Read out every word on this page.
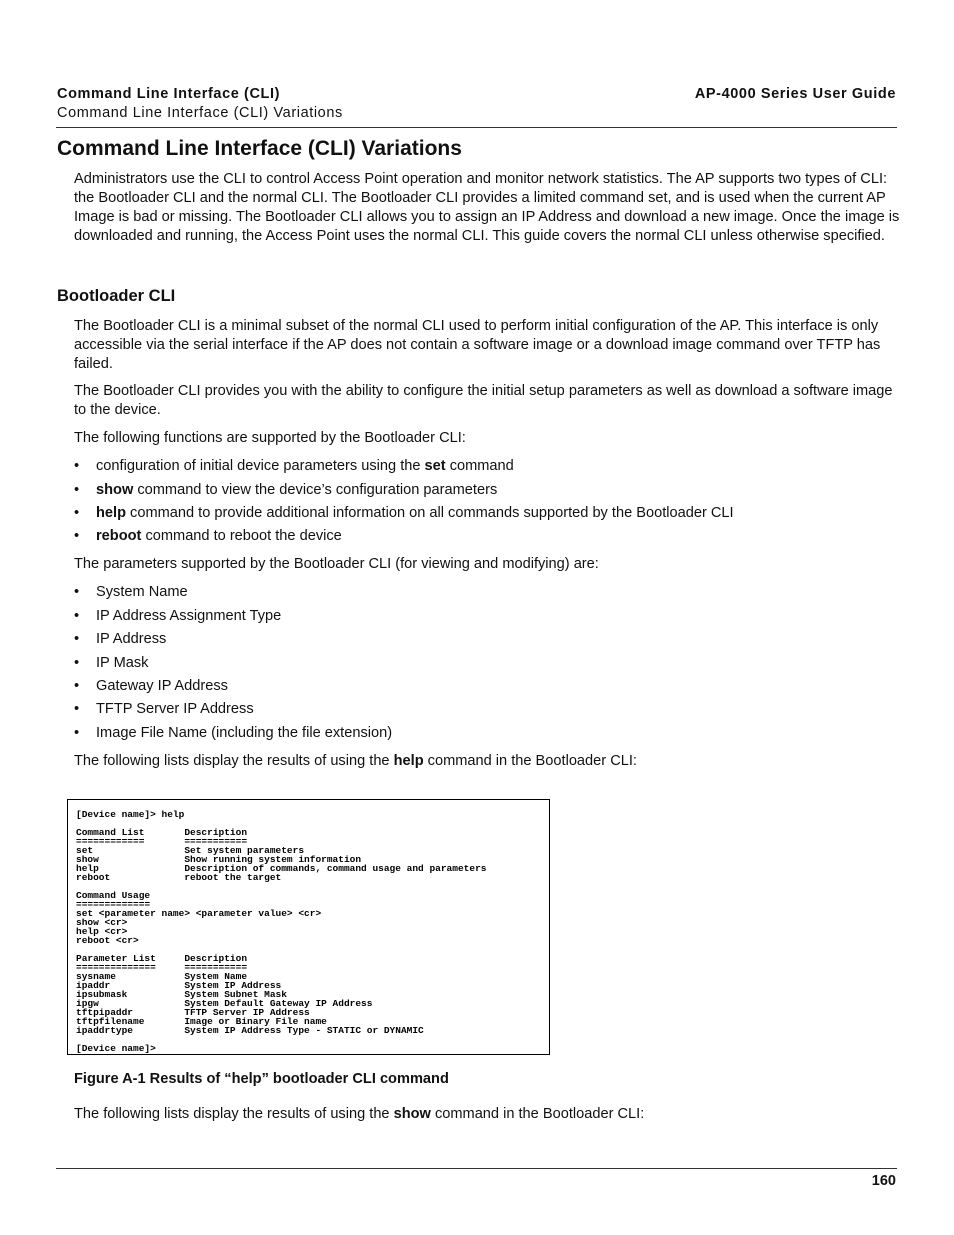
Command Line Interface (CLI)
Command Line Interface (CLI) Variations
AP-4000 Series User Guide
Command Line Interface (CLI) Variations

Administrators use the CLI to control Access Point operation and monitor network statistics. The AP supports two types of CLI: the Bootloader CLI and the normal CLI. The Bootloader CLI provides a limited command set, and is used when the current AP Image is bad or missing. The Bootloader CLI allows you to assign an IP Address and download a new image. Once the image is downloaded and running, the Access Point uses the normal CLI. This guide covers the normal CLI unless otherwise specified.

Bootloader CLI

The Bootloader CLI is a minimal subset of the normal CLI used to perform initial configuration of the AP. This interface is only accessible via the serial interface if the AP does not contain a software image or a download image command over TFTP has failed.

The Bootloader CLI provides you with the ability to configure the initial setup parameters as well as download a software image to the device.

The following functions are supported by the Bootloader CLI:

• configuration of initial device parameters using the set command
• show command to view the device’s configuration parameters
• help command to provide additional information on all commands supported by the Bootloader CLI
• reboot command to reboot the device

The parameters supported by the Bootloader CLI (for viewing and modifying) are:

• System Name
• IP Address Assignment Type
• IP Address
• IP Mask
• Gateway IP Address
• TFTP Server IP Address
• Image File Name (including the file extension)

The following lists display the results of using the help command in the Bootloader CLI:

[Device name]> help
Command List       Description
============       ===========
set                Set system parameters
show               Show running system information
help               Description of commands, command usage and parameters
reboot             reboot the target
Command Usage
=============
set <parameter name> <parameter value> <cr>
show <cr>
help <cr>
reboot <cr>
Parameter List     Description
==============     ===========
sysname            System Name
ipaddr             System IP Address
ipsubmask          System Subnet Mask
ipgw               System Default Gateway IP Address
tftpipaddr         TFTP Server IP Address
tftpfilename       Image or Binary File name
ipaddrtype         System IP Address Type - STATIC or DYNAMIC
[Device name]>
Figure A-1 Results of “help” bootloader CLI command

The following lists display the results of using the show command in the Bootloader CLI:

160
